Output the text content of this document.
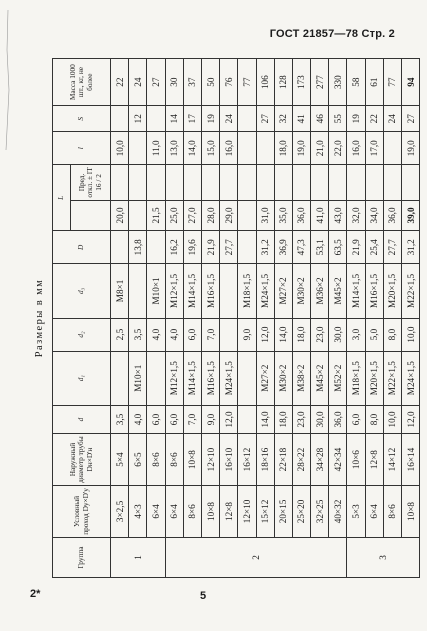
ГОСТ 21857—78 Стр. 2
Размеры в мм
Группа	Условный проход Dу×D'у	Наружный диаметр трубы Dн×D'н	d	d₁	d₂	d₃	D	L		l	S	Масса 1000 шт., кг, не более
									Пред. откл. ± IT 16 / 2			
1	3×2,5	5×4	3,5		2,5	М8×1		20,0		10,0		22
	4×3	6×5	4,0	М10×1	3,5		13,8				12	24
	6×4	8×6	6,0		4,0	М10×1		21,5		11,0		27
2	6×4	8×6	6,0	М12×1,5	4,0	М12×1,5	16,2	25,0		13,0	14	30
	8×6	10×8	7,0	М14×1,5	6,0	М14×1,5	19,6	27,0		14,0	17	37
	10×8	12×10	9,0	М16×1,5	7,0	М16×1,5	21,9	28,0		15,0	19	50
	12×8	16×10	12,0	М24×1,5			27,7	29,0		16,0	24	76
	12×10	16×12			9,0	М18×1,5						77
	15×12	18×16	14,0	М27×2	12,0	М24×1,5	31,2	31,0			27	106
	20×15	22×18	18,0	М30×2	14,0	М27×2	36,9	35,0		18,0	32	128
	25×20	28×22	23,0	М38×2	18,0	М30×2	47,3	36,0		19,0	41	173
	32×25	34×28	30,0	М45×2	23,0	М36×2	53,1	41,0		21,0	46	277
	40×32	42×34	36,0	М52×2	30,0	М45×2	63,5	43,0		22,0	55	330
3	5×3	10×6	6,0	М18×1,5	3,0	М14×1,5	21,9	32,0		16,0	19	58
	6×4	12×8	8,0	М20×1,5	5,0	М16×1,5	25,4	34,0		17,0	22	61
	8×6	14×12	10,0	М22×1,5	8,0	М20×1,5	27,7	36,0			24	77
	10×8	16×14	12,0	М24×1,5	10,0	М22×1,5	31,2	39,0		19,0	27	94
2*	5
